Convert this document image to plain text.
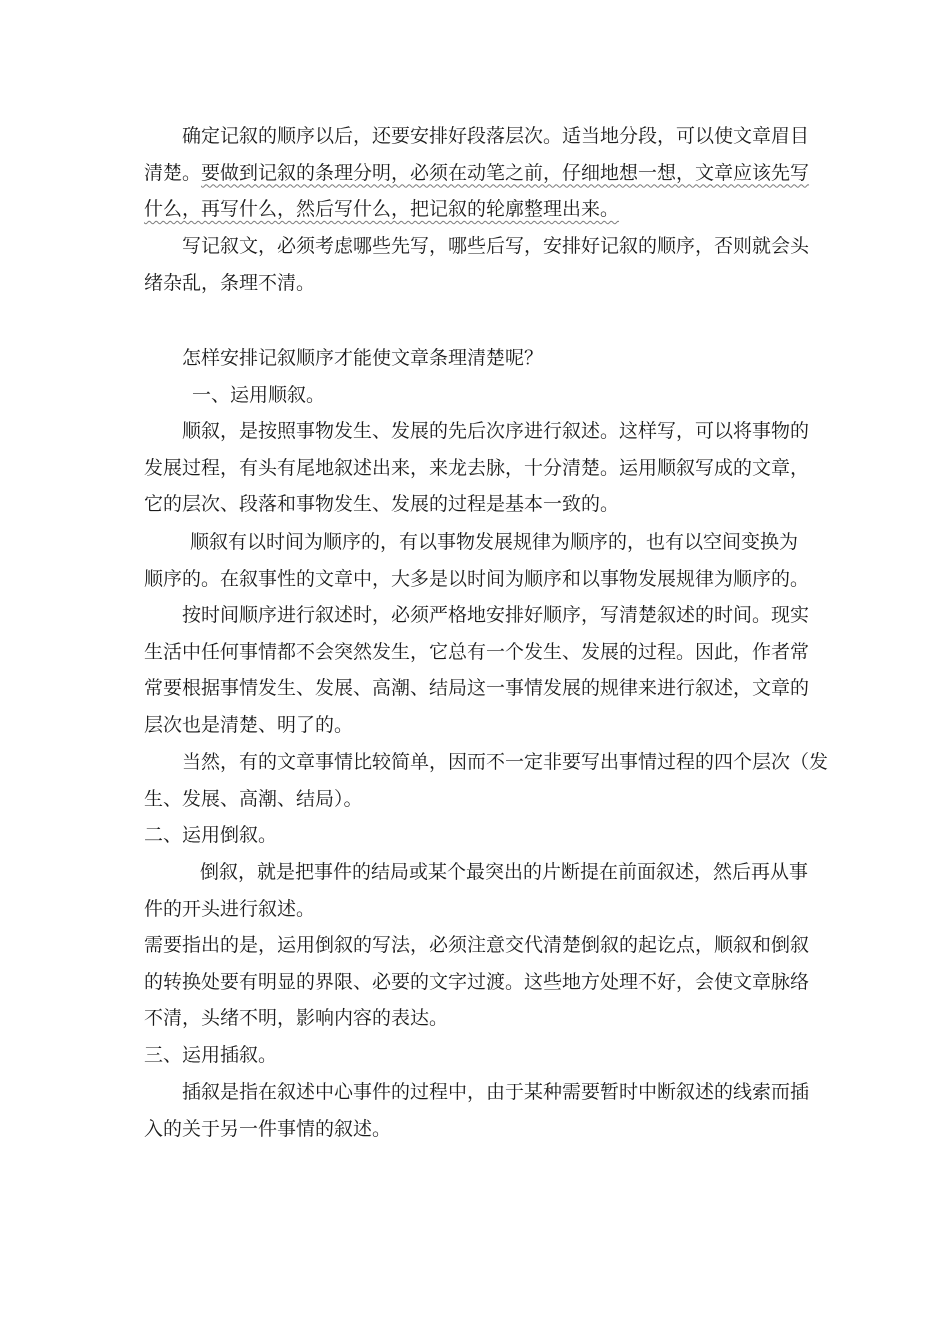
确定记叙的顺序以后，还要安排好段落层次。适当地分段，可以使文章眉目
清楚。要做到记叙的条理分明，必须在动笔之前，仔细地想一想，文章应该先写
什么，再写什么，然后写什么，把记叙的轮廓整理出来。
写记叙文，必须考虑哪些先写，哪些后写，安排好记叙的顺序，否则就会头
绪杂乱，条理不清。
怎样安排记叙顺序才能使文章条理清楚呢？
一、运用顺叙。
顺叙，是按照事物发生、发展的先后次序进行叙述。这样写，可以将事物的
发展过程，有头有尾地叙述出来，来龙去脉，十分清楚。运用顺叙写成的文章，
它的层次、段落和事物发生、发展的过程是基本一致的。
顺叙有以时间为顺序的，有以事物发展规律为顺序的，也有以空间变换为
顺序的。在叙事性的文章中，大多是以时间为顺序和以事物发展规律为顺序的。
按时间顺序进行叙述时，必须严格地安排好顺序，写清楚叙述的时间。现实
生活中任何事情都不会突然发生，它总有一个发生、发展的过程。因此，作者常
常要根据事情发生、发展、高潮、结局这一事情发展的规律来进行叙述，文章的
层次也是清楚、明了的。
当然，有的文章事情比较简单，因而不一定非要写出事情过程的四个层次（发
生、发展、高潮、结局）。
二、运用倒叙。
倒叙，就是把事件的结局或某个最突出的片断提在前面叙述，然后再从事
件的开头进行叙述。
需要指出的是，运用倒叙的写法，必须注意交代清楚倒叙的起讫点，顺叙和倒叙
的转换处要有明显的界限、必要的文字过渡。这些地方处理不好，会使文章脉络
不清，头绪不明，影响内容的表达。
三、运用插叙。
插叙是指在叙述中心事件的过程中，由于某种需要暂时中断叙述的线索而插
入的关于另一件事情的叙述。
